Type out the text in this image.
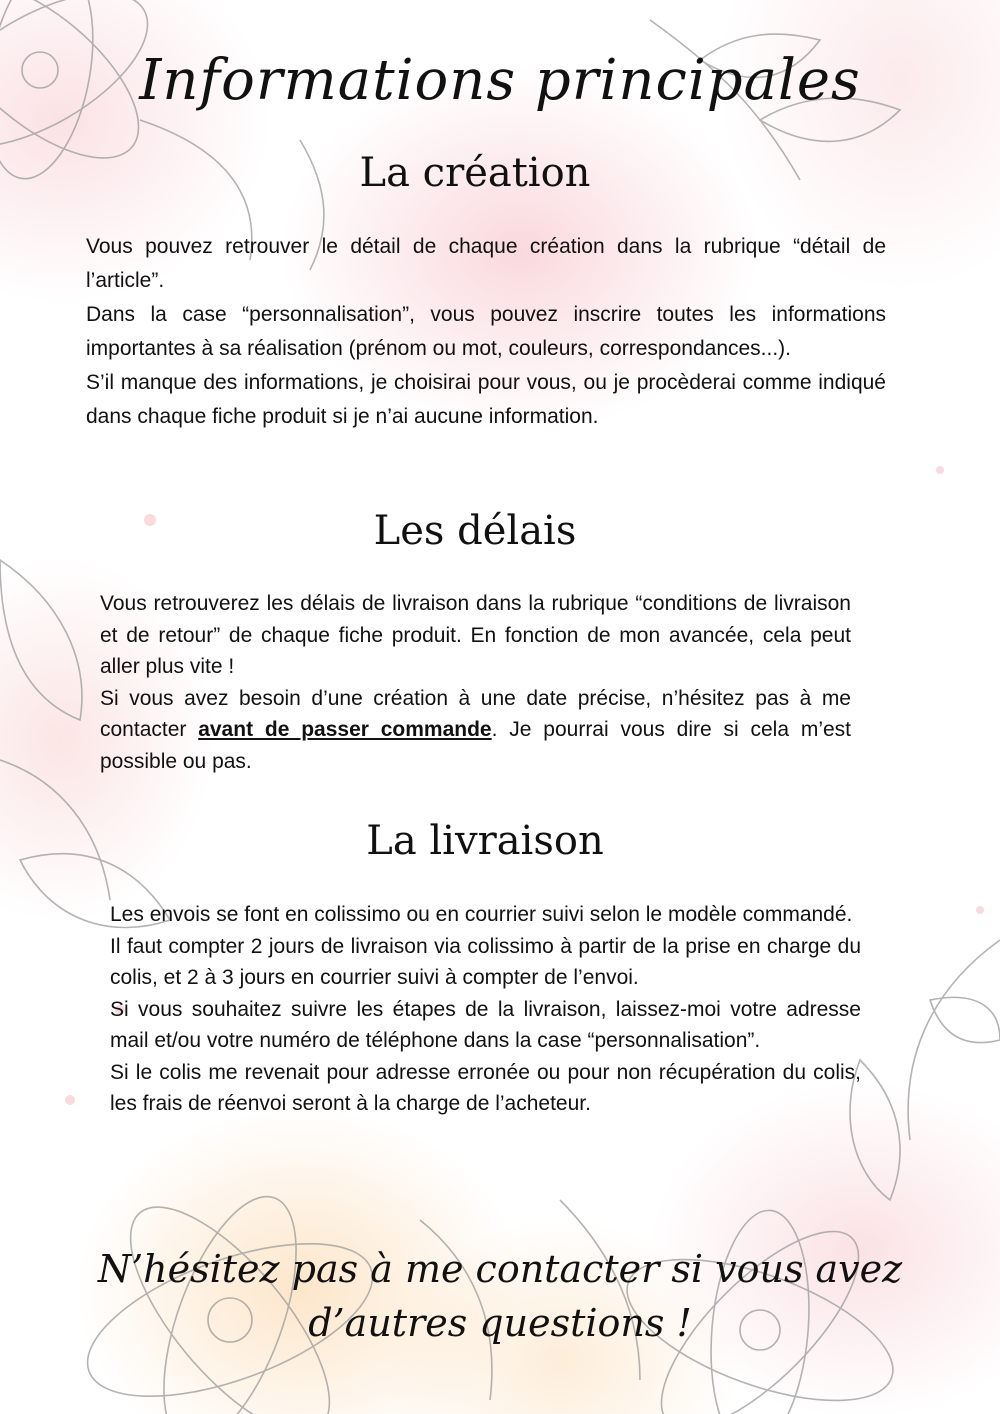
Informations principales
La création

Vous pouvez retrouver le détail de chaque création dans la rubrique “détail de l’article”.

Dans la case “personnalisation”, vous pouvez inscrire toutes les informations importantes à sa réalisation (prénom ou mot, couleurs, correspondances...).

S’il manque des informations, je choisirai pour vous, ou je procèderai comme indiqué dans chaque fiche produit si je n’ai aucune information.

Les délais

Vous retrouverez les délais de livraison dans la rubrique “conditions de livraison et de retour” de chaque fiche produit. En fonction de mon avancée, cela peut aller plus vite !

Si vous avez besoin d’une création à une date précise, n’hésitez pas à me contacter avant de passer commande. Je pourrai vous dire si cela m’est possible ou pas.

La livraison

Les envois se font en colissimo ou en courrier suivi selon le modèle commandé.

Il faut compter 2 jours de livraison via colissimo à partir de la prise en charge du colis, et 2 à 3 jours en courrier suivi à compter de l’envoi.

Si vous souhaitez suivre les étapes de la livraison, laissez-moi votre adresse mail et/ou votre numéro de téléphone dans la case “personnalisation”.

Si le colis me revenait pour adresse erronée ou pour non récupération du colis, les frais de réenvoi seront à la charge de l’acheteur.

N’hésitez pas à me contacter si vous avez
d’autres questions !
